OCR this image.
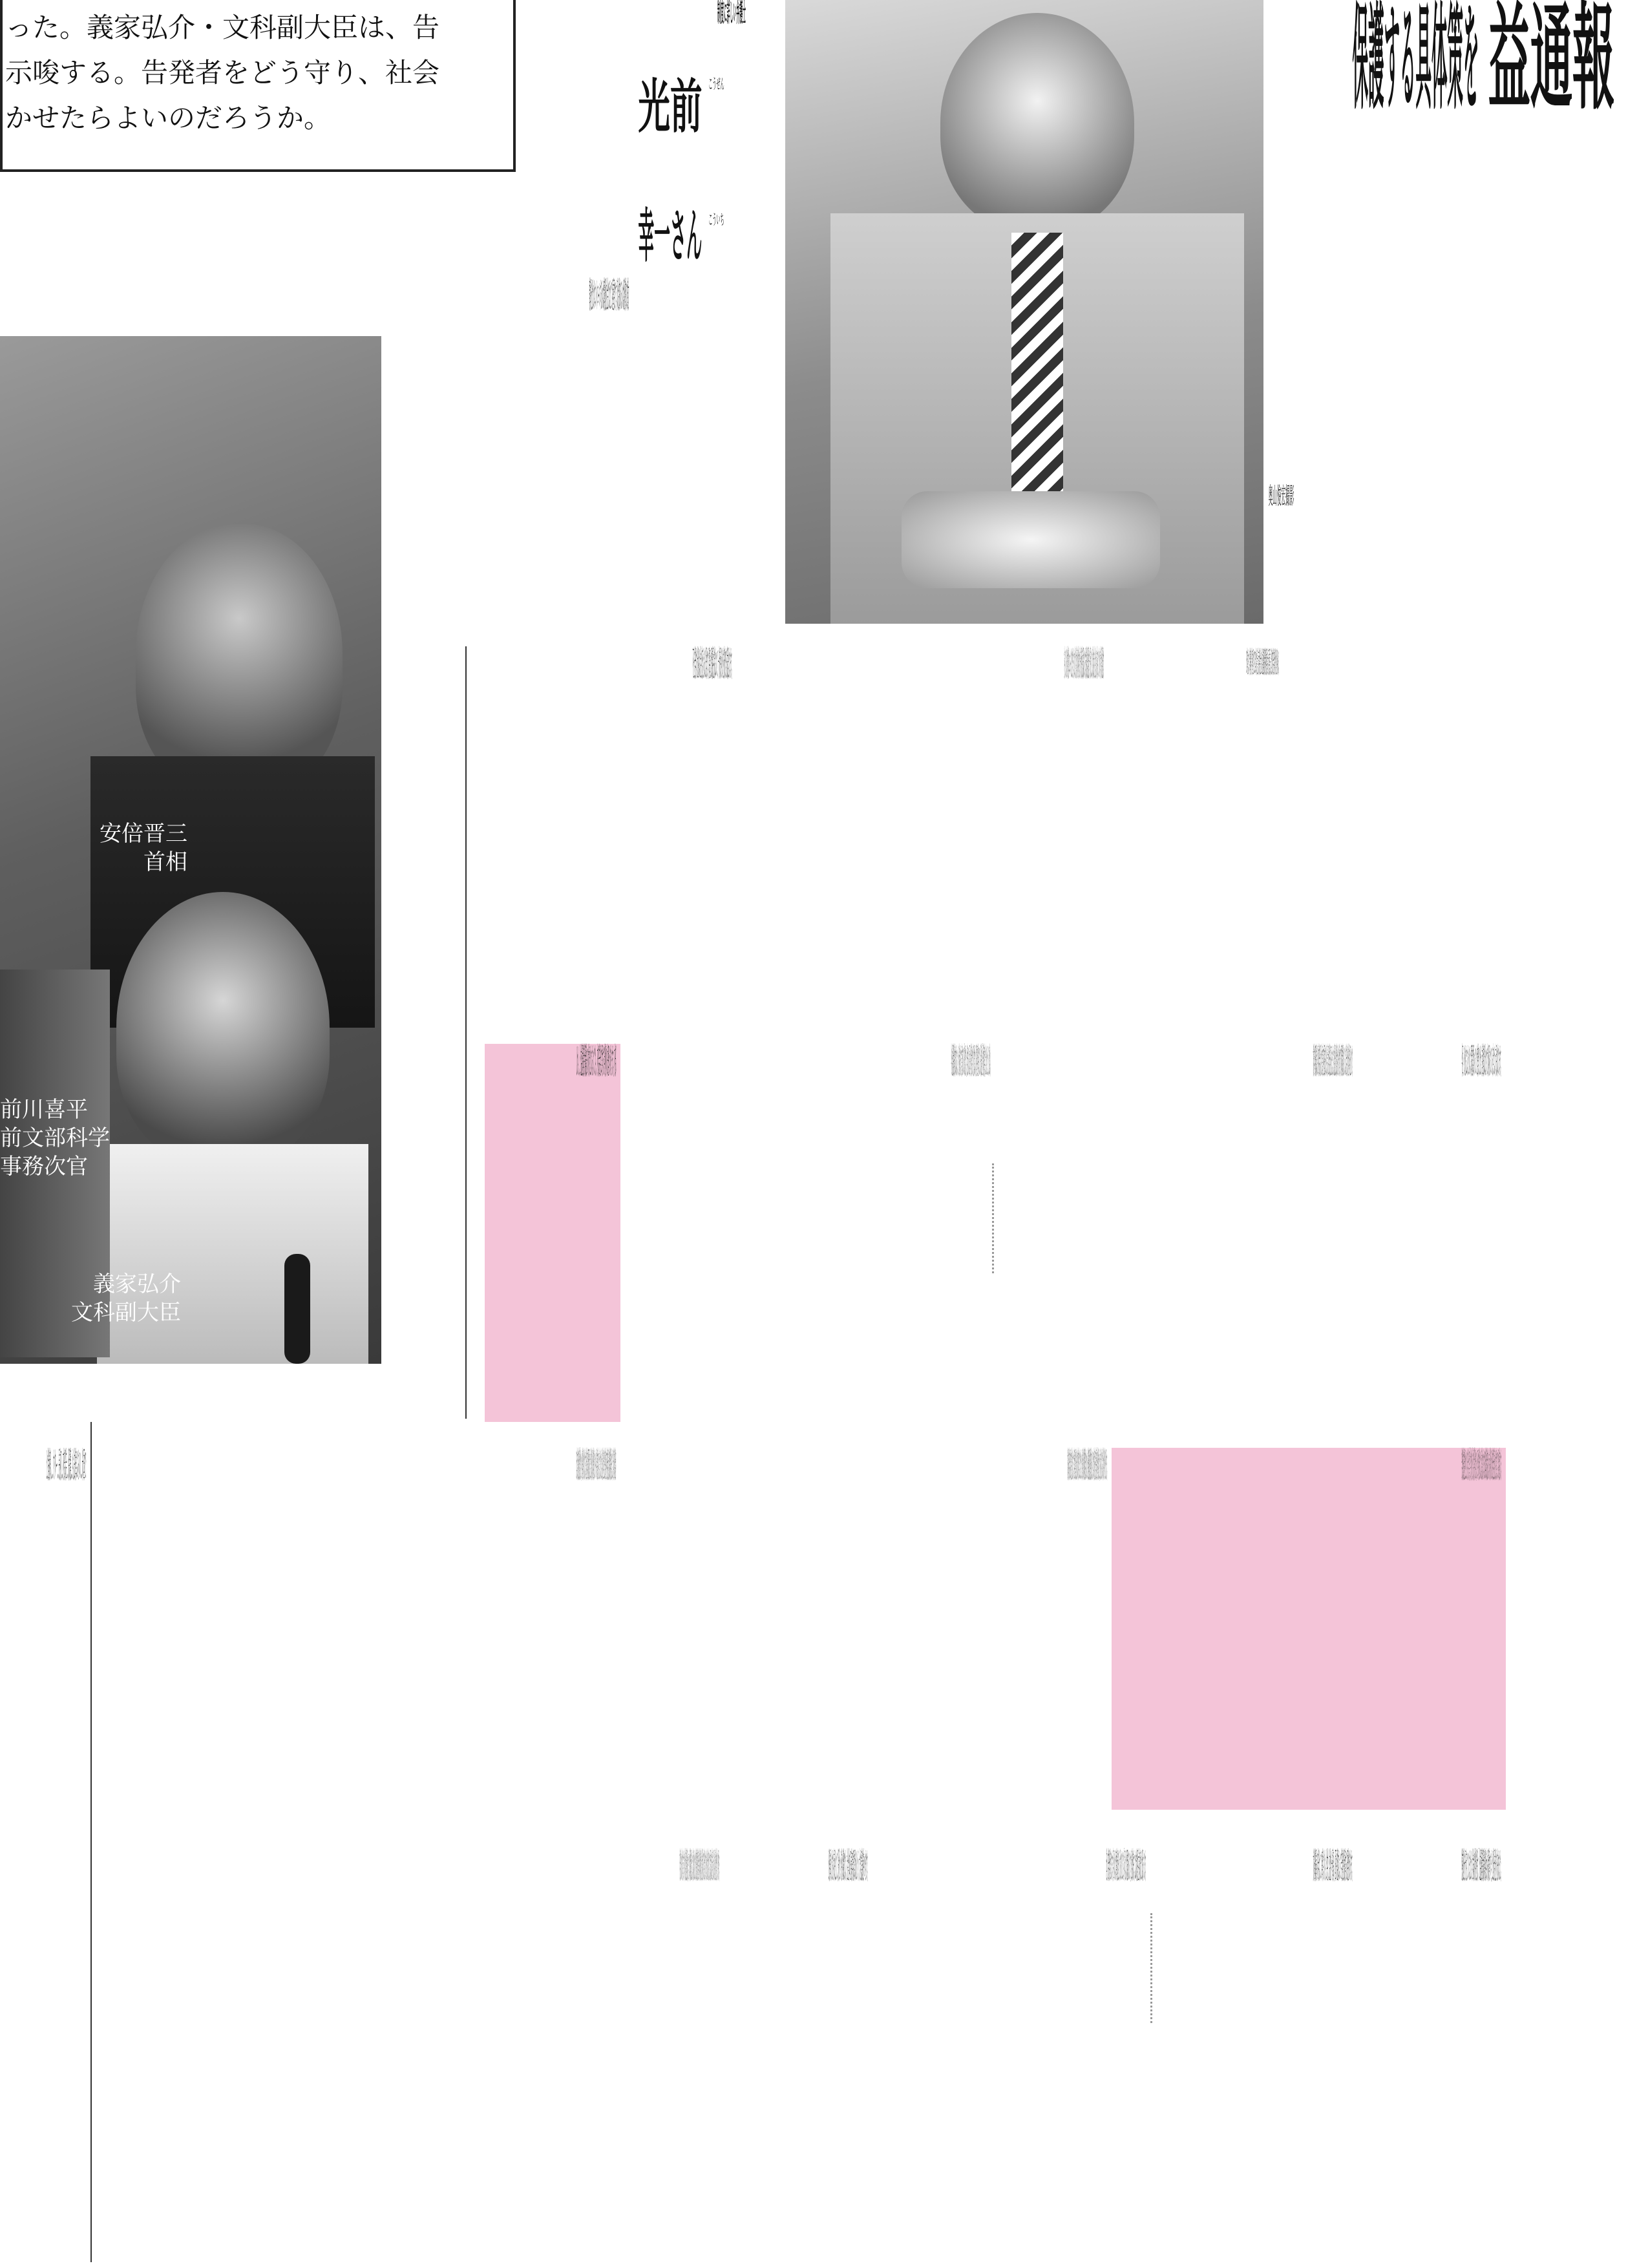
った。義家弘介・文科副大臣は、告
示唆する。告発者をどう守り、社会
かせたらよいのだろうか。
安倍晋三
首相
前川喜平
前文部科学
事務次官
義家弘介
文科副大臣
奥山俊宏撮影
益通報
保護する具体策を
制度に詳しい弁護士
こうぜん
光前
こういち
幸一さん
50年生まれ。判事補、判事を経て、91年に弁護士。東京弁護士会の公益通報者保護特別委員会の元委員長。法廷で内部告発者の代理人も務める。
情報をだれがコントロールするかは情報化社会ではとても重要です。政治的あるいは経済的に権力
を持っている人はその権力で情報をコントロールすることができます。それに対して、経済力もなく何の権力も持たない一般市民が使える武器は限られています。最後の武器が公益通報です。一般市民にとって、政治に参加し、社会をより良い方向に持っていくための、有力な手段が公益通報です。
不正を告発する仕組みは社会を変えられる公器です。閉塞した間接民主制において、一般市民がそれを打破できる武器となります。
今の公益通報者保護法の対象にはならない、という指摘もあります。文書があるのに「確認できない」と発表するのは、国民への背信行為ですが、犯罪ではない。犯罪の存否を基準にしている、保護法上の「通報対象事実」に当たるかというと、そこは難しい。
しかし、公益通報者保護法の対象とならなくても、内部告発に関する判例の法理があります。内部	今回、それをおこなったのは、問題に関わっていた官僚でしたが、首相官邸に比べて力が限られている点では、市民に似ています。
文部科学省の現旧職員による今回の内部告発は、隠された文書の存在を国民に知らせ、結局、大臣が公式発表を訂正しました。まさに公益通報として保護されるべき行動です。内部の問題に精通している人による告発が、政府全体の誤りを正したのです。
告発で勤務先に損害を発生させたとしても、その告発が、「真実で」「公共性があり」「公益目的で」「手段が相当である」という四つの要件を満たしていれば、違法性はなくなります。2004年に保護法が制定されるより前から、裁判所はそうした内部告発を正当行為として免責してきていて、4要件は定着しています。
文科省職員らの内部告発はこの4要件を完全に満たしています。大臣が事実と異なる発表をしたのに政府の内部で自浄することができなかった。だから職員らは外部の報道機関に告発するしかなかった。守秘義務違反を理由に職員を懲戒処分にしても、それは無効です。萩生田光一官房副長官が「俺の名誉が毀損された」と前川さんを訴えても勝てない。裁判所はそう判断するだろうと思います。
3年ほど前に判決が確定した護衛艦「たちかぜ」いじめ自殺事件の例とよく似ています。海上自衛官の自殺の原因が問題となった訴訟で、防衛省は、同僚の自衛官に行ったアンケートの結果の文書が存在しないと言い続けていましたが、訴訟対応の担当官だった3等海佐がその存在を内部告発し、遺族が高裁で勝訴判決を得ました。この際、当初、防衛省は告発者の
懲戒処分を予定していましたが、世論の批判を受け、「公益通報者保護の観点から保護すべき」と処分見送りを決めました。
文科省職員らの告発は、この事件よりも、公共性、公益性が一層高い。国民の監視によって告発者を保護する必要性があります。
近年、内部告発が増えています。今回のような事件が起きると、私たちのところにも「同じような問題があるんです」と相談が来ます。これは参加型民主主義の表れだと私は思っています。
公務員の人たちも市民として、役所という狭い組織でなく、社会全体の正義の実現に関わるという、大きな意識を持つべきです。
内部告発する人は様々なリスクを背負っています。今の制度は「公益通報者を保護します」と言いつつ、具体的な保護措置がほとんどない。救済が認められたとしても微々たる損害賠償で、報復をした事業者の側への制裁は軽すぎる。社会は利益を得ているのに告発者だけにリスクを負わせる仕組みでは、制度が生きてこない。問題があれば自由に声を上げられる、風通しのいい環境を社会全体で作っていく必要があります。
と指摘し…ウター…長初…内部告…保護…も法律ぶらの…米国で
